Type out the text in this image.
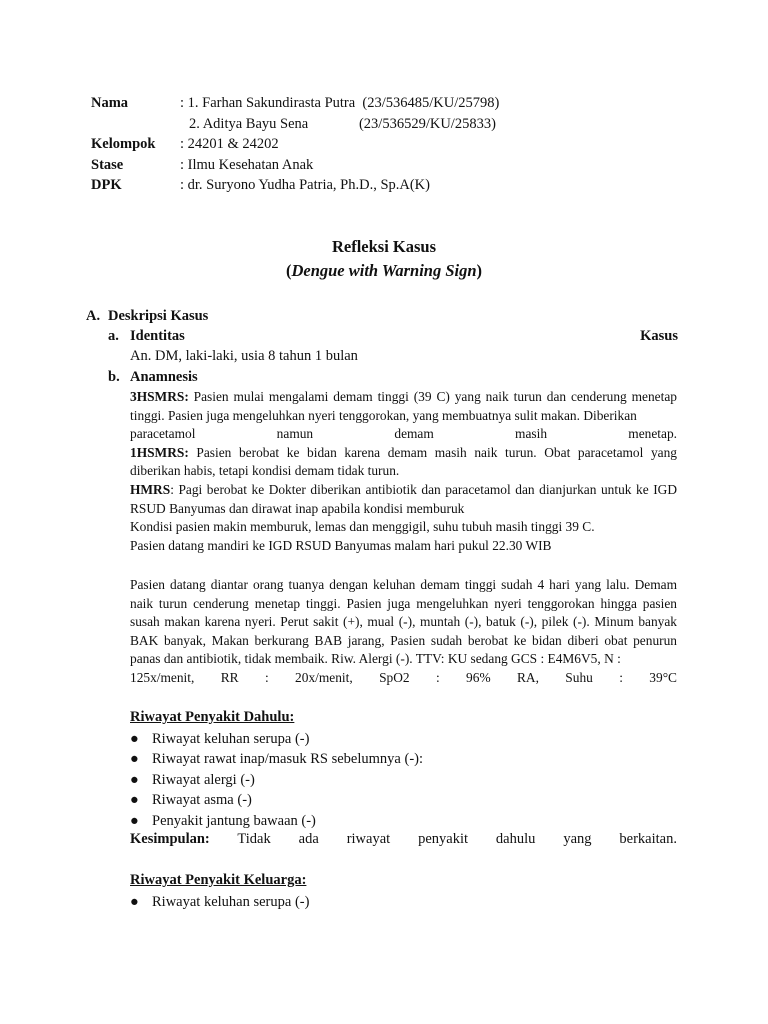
Nama	: 1. Farhan Sakundirasta Putra  (23/536485/KU/25798)
2. Aditya Bayu Sena              (23/536529/KU/25833)
Kelompok	: 24201 & 24202
Stase	: Ilmu Kesehatan Anak
DPK	: dr. Suryono Yudha Patria, Ph.D., Sp.A(K)
Refleksi Kasus
(Dengue with Warning Sign)
A. Deskripsi Kasus
a. Identitas	Kasus
An. DM, laki-laki, usia 8 tahun 1 bulan
b. Anamnesis
3HSMRS: Pasien mulai mengalami demam tinggi (39 C) yang naik turun dan cenderung menetap tinggi. Pasien juga mengeluhkan nyeri tenggorokan, yang membuatnya sulit makan. Diberikan
paracetamol namun demam masih menetap.
1HSMRS: Pasien berobat ke bidan karena demam masih naik turun. Obat paracetamol yang diberikan habis, tetapi kondisi demam tidak turun.
HMRS: Pagi berobat ke Dokter diberikan antibiotik dan paracetamol dan dianjurkan untuk ke IGD RSUD Banyumas dan dirawat inap apabila kondisi memburuk
Kondisi pasien makin memburuk, lemas dan menggigil, suhu tubuh masih tinggi 39 C.
Pasien datang mandiri ke IGD RSUD Banyumas malam hari pukul 22.30 WIB
Pasien datang diantar orang tuanya dengan keluhan demam tinggi sudah 4 hari yang lalu. Demam naik turun cenderung menetap tinggi. Pasien juga mengeluhkan nyeri tenggorokan hingga pasien susah makan karena nyeri. Perut sakit (+), mual (-), muntah (-), batuk (-), pilek (-). Minum banyak BAK banyak, Makan berkurang BAB jarang, Pasien sudah berobat ke bidan diberi obat penurun panas dan antibiotik, tidak membaik. Riw. Alergi (-). TTV: KU sedang GCS : E4M6V5, N :
125x/menit, RR : 20x/menit, SpO2 : 96% RA, Suhu : 39°C
Riwayat Penyakit Dahulu:
● Riwayat keluhan serupa (-)
● Riwayat rawat inap/masuk RS sebelumnya (-):
● Riwayat alergi (-)
● Riwayat asma (-)
● Penyakit jantung bawaan (-)
Kesimpulan: Tidak ada riwayat penyakit dahulu yang berkaitan.
Riwayat Penyakit Keluarga:
● Riwayat keluhan serupa (-)
